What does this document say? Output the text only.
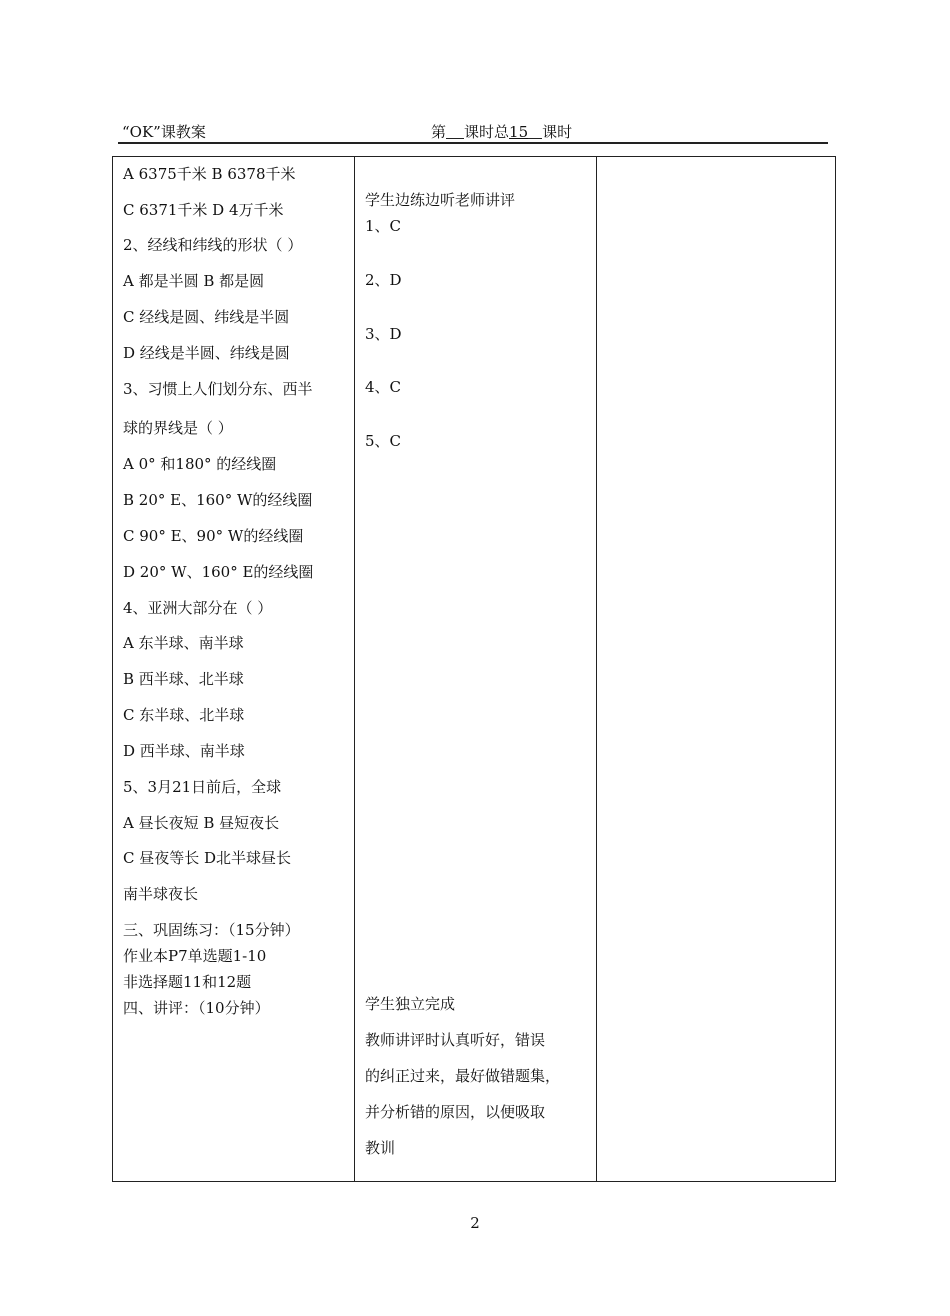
“OK”课教案	第 课时总15 课时
A 6375千米 B 6378千米
C 6371千米 D 4万千米
2、经线和纬线的形状（ ）
A 都是半圆 B 都是圆
C 经线是圆、纬线是半圆
D 经线是半圆、纬线是圆
3、习惯上人们划分东、西半
球的界线是（ ）
A 0° 和180° 的经线圈
B 20° E、160° W的经线圈
C 90° E、90° W的经线圈
D 20° W、160° E的经线圈
4、亚洲大部分在（ ）
A 东半球、南半球
B 西半球、北半球
C 东半球、北半球
D 西半球、南半球
5、3月21日前后，全球
A 昼长夜短 B 昼短夜长
C 昼夜等长 D北半球昼长
南半球夜长
三、巩固练习：（15分钟）
作业本P7单选题1-10
非选择题11和12题
四、讲评：（10分钟）
学生边练边听老师讲评
1、C
2、D
3、D
4、C
5、C
学生独立完成
教师讲评时认真听好，错误
的纠正过来，最好做错题集，
并分析错的原因，以便吸取
教训
2
